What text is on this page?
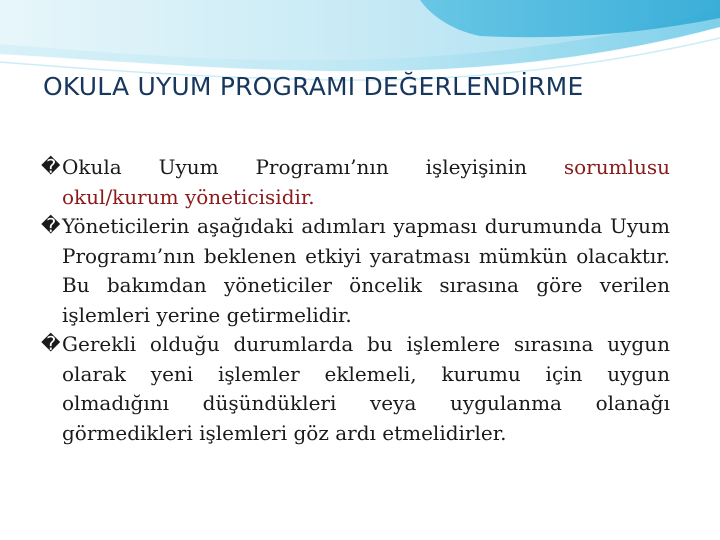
OKULA UYUM PROGRAMI DEĞERLENDİRME

� Okula Uyum Programı’nın işleyişinin sorumlusu okul/kurum yöneticisidir.

� Yöneticilerin aşağıdaki adımları yapması durumunda Uyum Programı’nın beklenen etkiyi yaratması mümkün olacaktır. Bu bakımdan yöneticiler öncelik sırasına göre verilen işlemleri yerine getirmelidir.

� Gerekli olduğu durumlarda bu işlemlere sırasına uygun olarak yeni işlemler eklemeli, kurumu için uygun olmadığını düşündükleri veya uygulanma olanağı görmedikleri işlemleri göz ardı etmelidirler.
